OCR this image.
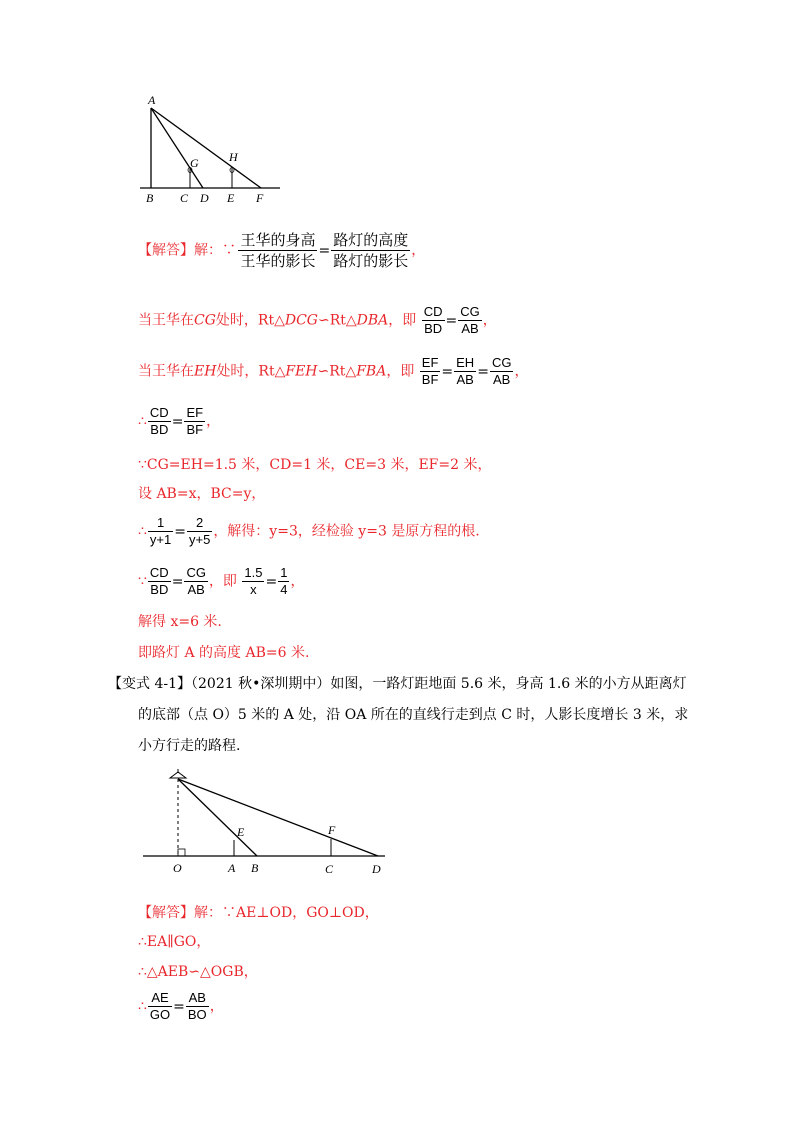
A
B C D E F
G	H
【解答】解：∵ $\frac{\text{王华的身高}}{\text{王华的影长}} = \frac{\text{路灯的高度}}{\text{路灯的影长}}$ ，
当王华在CG处时，Rt△DCG∽Rt△DBA，即 $\frac{CD}{BD} = \frac{CG}{AB}$ ，
当王华在EH处时，Rt△FEH∽Rt△FBA，即 $\frac{EF}{BF} = \frac{EH}{AB} = \frac{CG}{AB}$ ，
∴ $\frac{CD}{BD} = \frac{EF}{BF}$ ，
∵CG=EH=1.5 米，CD=1 米，CE=3 米，EF=2 米，
设 AB=x，BC=y，
∴ $\frac{1}{y+1} = \frac{2}{y+5}$ ，解得：y=3，经检验 y=3 是原方程的根.
∵ $\frac{CD}{BD} = \frac{CG}{AB}$ ，即 $\frac{1.5}{x} = \frac{1}{4}$ ，
解得 x=6 米.
即路灯 A 的高度 AB=6 米.
【变式 4-1】（2021 秋•深圳期中）如图，一路灯距地面 5.6 米，身高 1.6 米的小方从距离灯
的底部（点 O）5 米的 A 处，沿 OA 所在的直线行走到点 C 时，人影长度增长 3 米，求
小方行走的路程.
O	A B	C	D
E	F
【解答】解：∵AE⊥OD，GO⊥OD，
∴EA∥GO，
∴△AEB∽△OGB，
∴ $\frac{AE}{GO} = \frac{AB}{BO}$ ，
